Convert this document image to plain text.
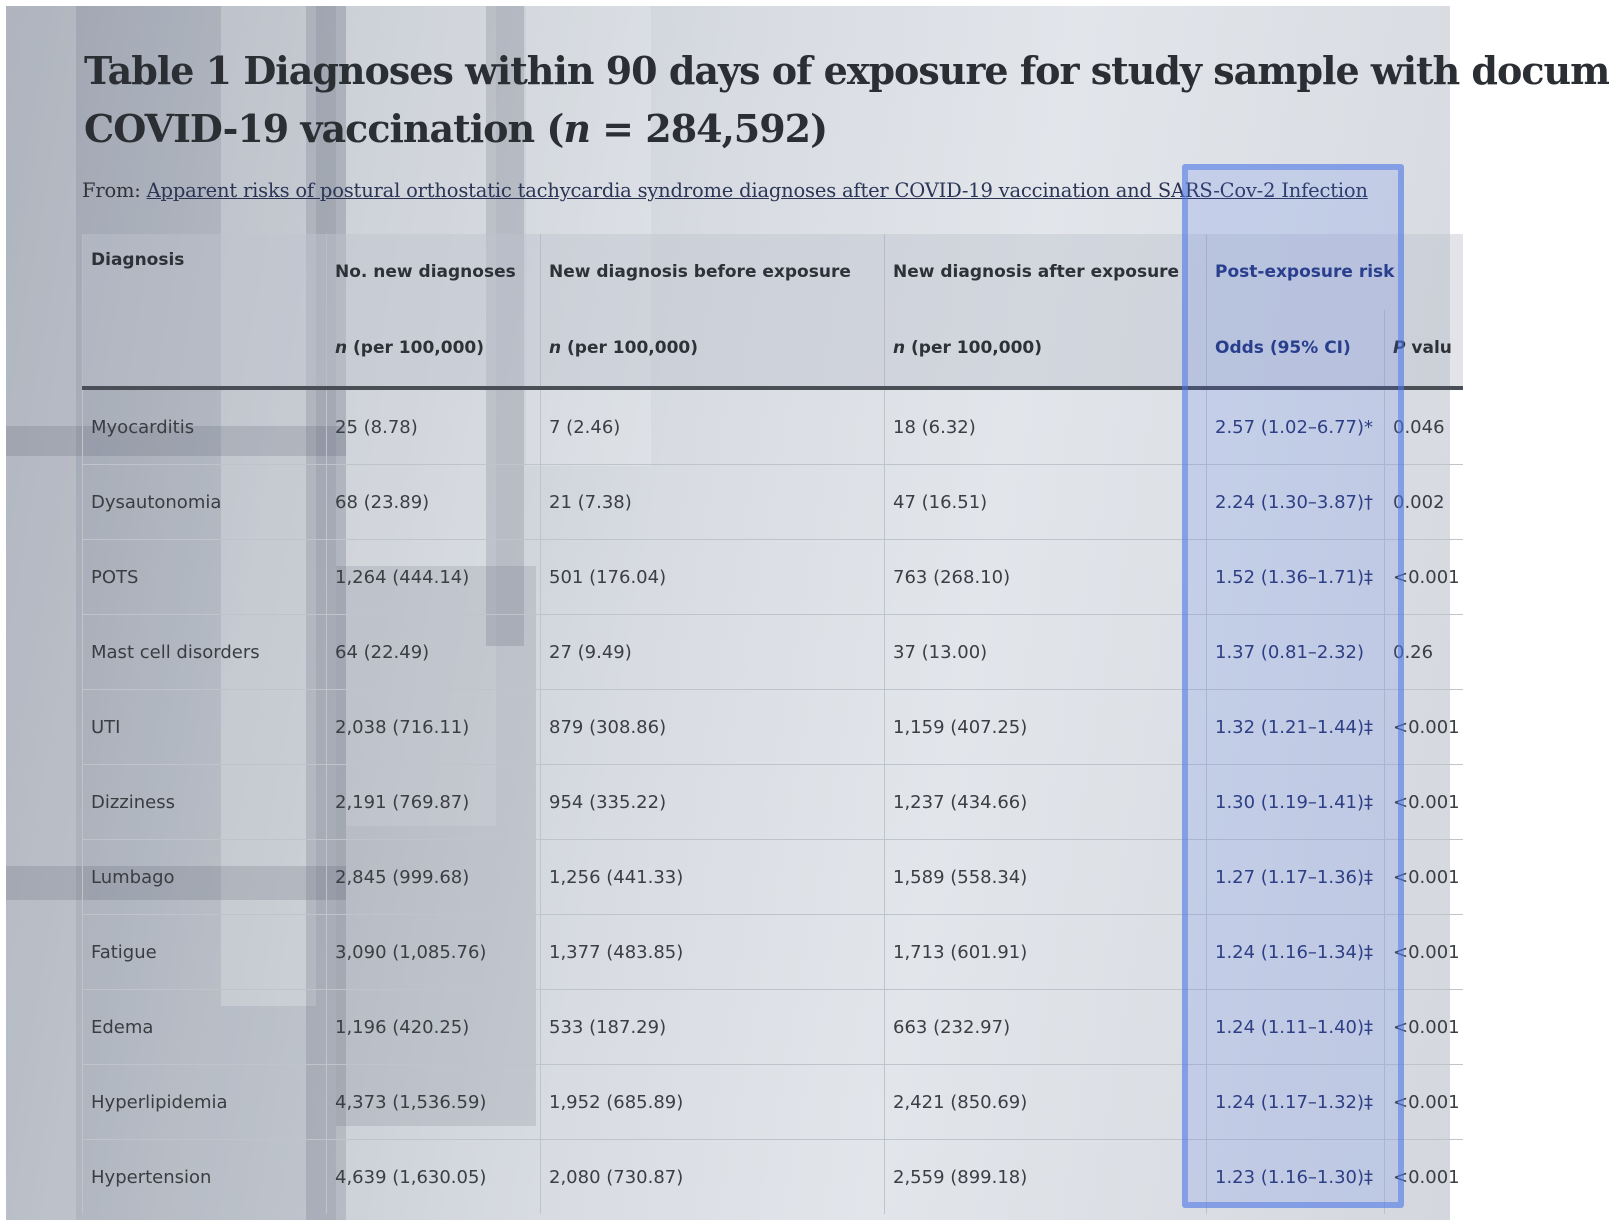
Table 1 Diagnoses within 90 days of exposure for study sample with docum
COVID-19 vaccination (n = 284,592)
From: Apparent risks of postural orthostatic tachycardia syndrome diagnoses after COVID-19 vaccination and SARS-Cov-2 Infection
Diagnosis	No. new diagnoses	New diagnosis before exposure	New diagnosis after exposure	Post-exposure risk	
	n (per 100,000)	n (per 100,000)	n (per 100,000)	Odds (95% CI)	P valu
Myocarditis	25 (8.78)	7 (2.46)	18 (6.32)	2.57 (1.02–6.77)*	0.046
Dysautonomia	68 (23.89)	21 (7.38)	47 (16.51)	2.24 (1.30–3.87)†	0.002
POTS	1,264 (444.14)	501 (176.04)	763 (268.10)	1.52 (1.36–1.71)‡	<0.001
Mast cell disorders	64 (22.49)	27 (9.49)	37 (13.00)	1.37 (0.81–2.32)	0.26
UTI	2,038 (716.11)	879 (308.86)	1,159 (407.25)	1.32 (1.21–1.44)‡	<0.001
Dizziness	2,191 (769.87)	954 (335.22)	1,237 (434.66)	1.30 (1.19–1.41)‡	<0.001
Lumbago	2,845 (999.68)	1,256 (441.33)	1,589 (558.34)	1.27 (1.17–1.36)‡	<0.001
Fatigue	3,090 (1,085.76)	1,377 (483.85)	1,713 (601.91)	1.24 (1.16–1.34)‡	<0.001
Edema	1,196 (420.25)	533 (187.29)	663 (232.97)	1.24 (1.11–1.40)‡	<0.001
Hyperlipidemia	4,373 (1,536.59)	1,952 (685.89)	2,421 (850.69)	1.24 (1.17–1.32)‡	<0.001
Hypertension	4,639 (1,630.05)	2,080 (730.87)	2,559 (899.18)	1.23 (1.16–1.30)‡	<0.001
